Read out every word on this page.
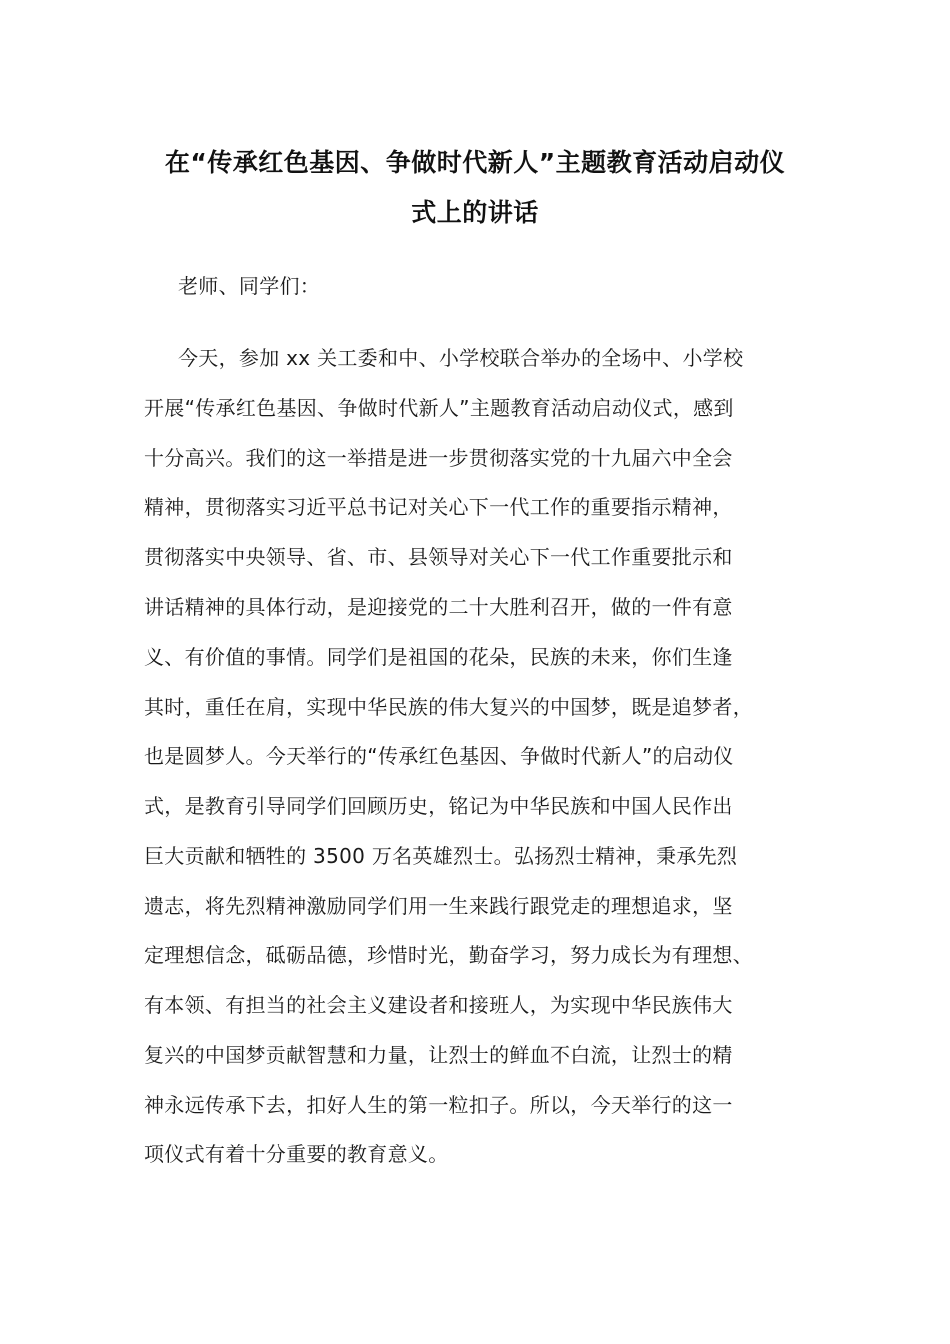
在“传承红色基因、争做时代新人”主题教育活动启动仪
式上的讲话
老师、同学们：
今天，参加 xx 关工委和中、小学校联合举办的全场中、小学校
开展“传承红色基因、争做时代新人”主题教育活动启动仪式，感到
十分高兴。我们的这一举措是进一步贯彻落实党的十九届六中全会
精神，贯彻落实习近平总书记对关心下一代工作的重要指示精神，
贯彻落实中央领导、省、市、县领导对关心下一代工作重要批示和
讲话精神的具体行动，是迎接党的二十大胜利召开，做的一件有意
义、有价值的事情。同学们是祖国的花朵，民族的未来，你们生逢
其时，重任在肩，实现中华民族的伟大复兴的中国梦，既是追梦者，
也是圆梦人。今天举行的“传承红色基因、争做时代新人”的启动仪
式，是教育引导同学们回顾历史，铭记为中华民族和中国人民作出
巨大贡献和牺牲的 3500 万名英雄烈士。弘扬烈士精神，秉承先烈
遗志，将先烈精神激励同学们用一生来践行跟党走的理想追求，坚
定理想信念，砥砺品德，珍惜时光，勤奋学习，努力成长为有理想、
有本领、有担当的社会主义建设者和接班人，为实现中华民族伟大
复兴的中国梦贡献智慧和力量，让烈士的鲜血不白流，让烈士的精
神永远传承下去，扣好人生的第一粒扣子。所以，今天举行的这一
项仪式有着十分重要的教育意义。
